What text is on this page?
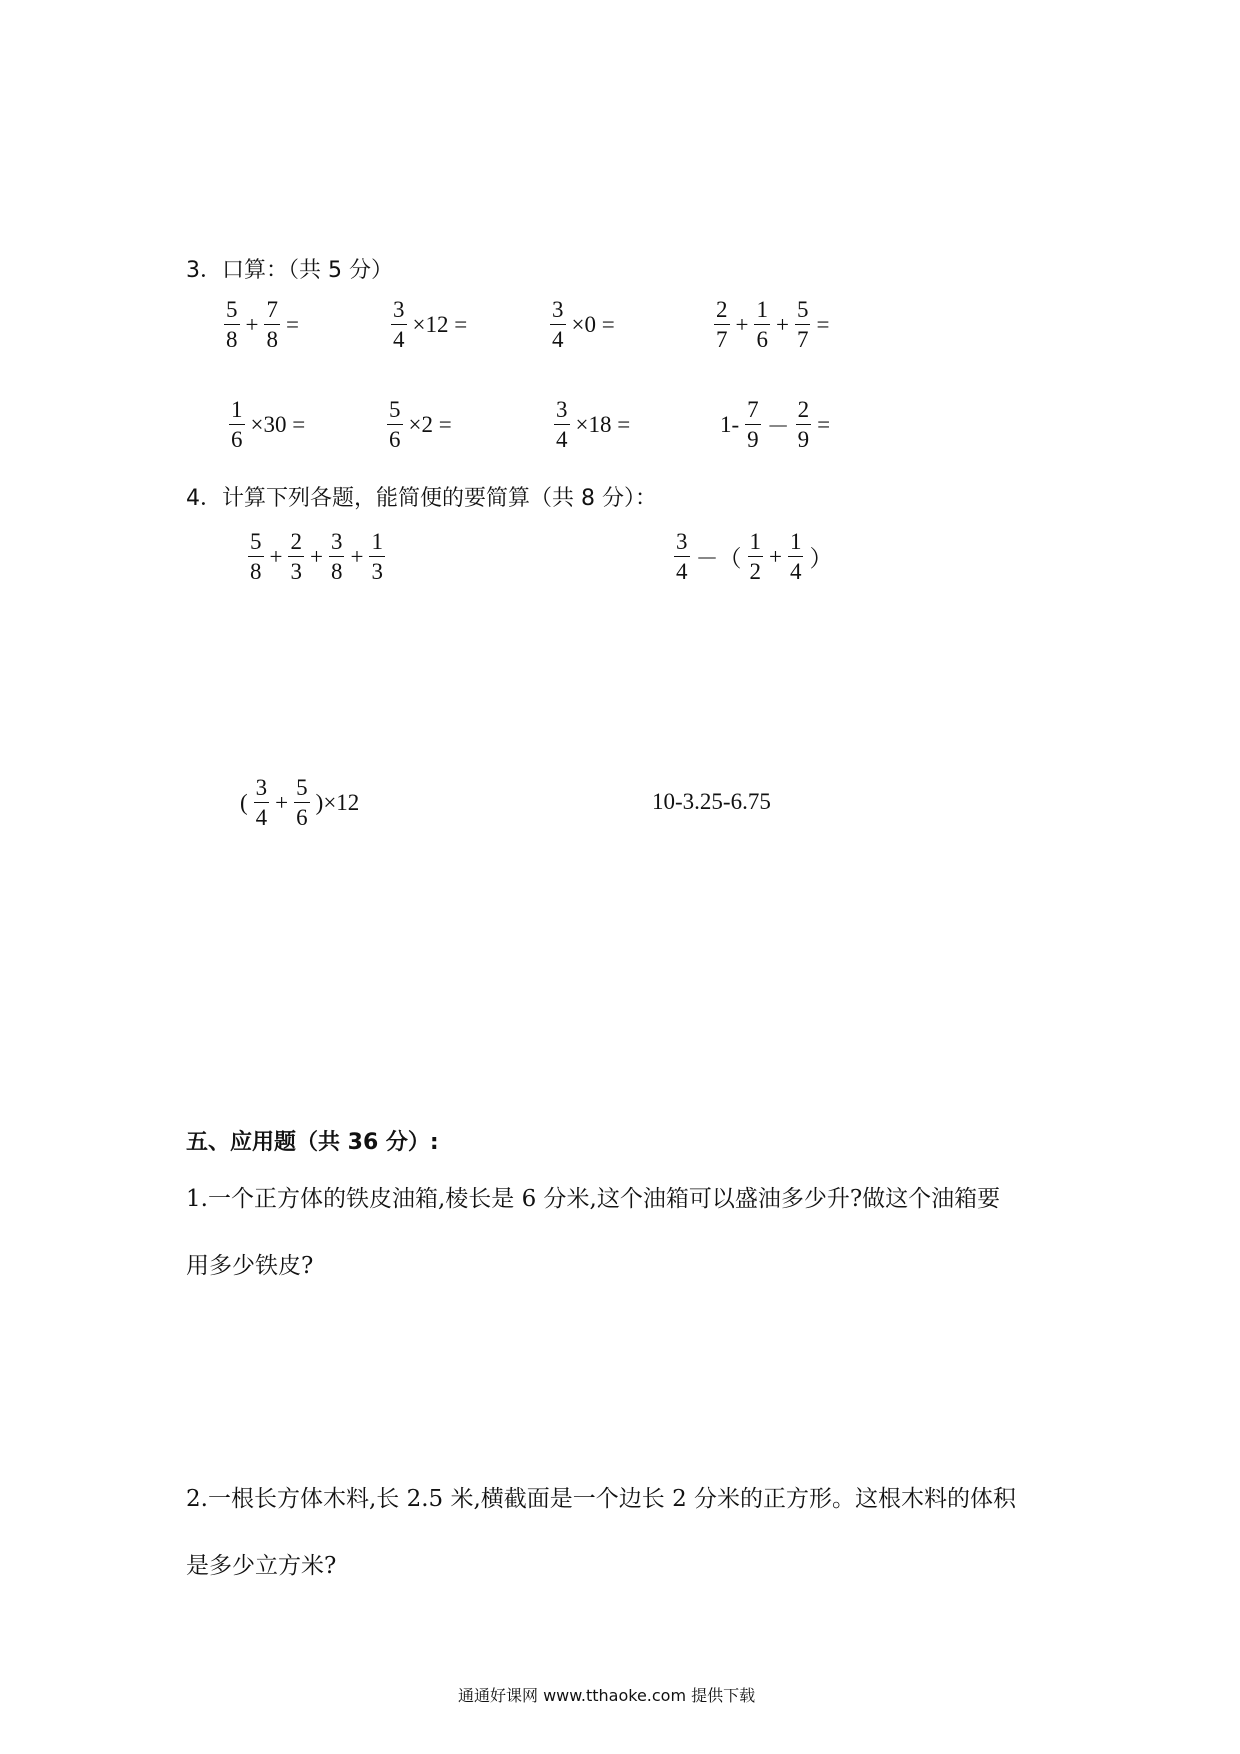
3．口算：（共 5 分）
$\frac{5}{8} + \frac{7}{8}$ =	$\frac{3}{4} \times 12$ =	$\frac{3}{4} \times 0$ =	$\frac{2}{7} + \frac{1}{6} + \frac{5}{7}$ =
$\frac{1}{6} \times 30$ =	$\frac{5}{6} \times 2$ =	$\frac{3}{4} \times 18$ =	$1- \frac{7}{9} - \frac{2}{9}$ =
4．计算下列各题，能简便的要简算（共 8 分）：
$\frac{5}{8} + \frac{2}{3} + \frac{3}{8} + \frac{1}{3}$	$\frac{3}{4}$ －（ $\frac{1}{2} + \frac{1}{4}$ ）
( $\frac{3}{4} + \frac{5}{6} )\times 12$	10-3.25-6.75
五、应用题（共 36 分）:
1.一个正方体的铁皮油箱,棱长是 6 分米,这个油箱可以盛油多少升?做这个油箱要
用多少铁皮?
2.一根长方体木料,长 2.5 米,横截面是一个边长 2 分米的正方形。这根木料的体积
是多少立方米?
通通好课网 www.tthaoke.com 提供下载
